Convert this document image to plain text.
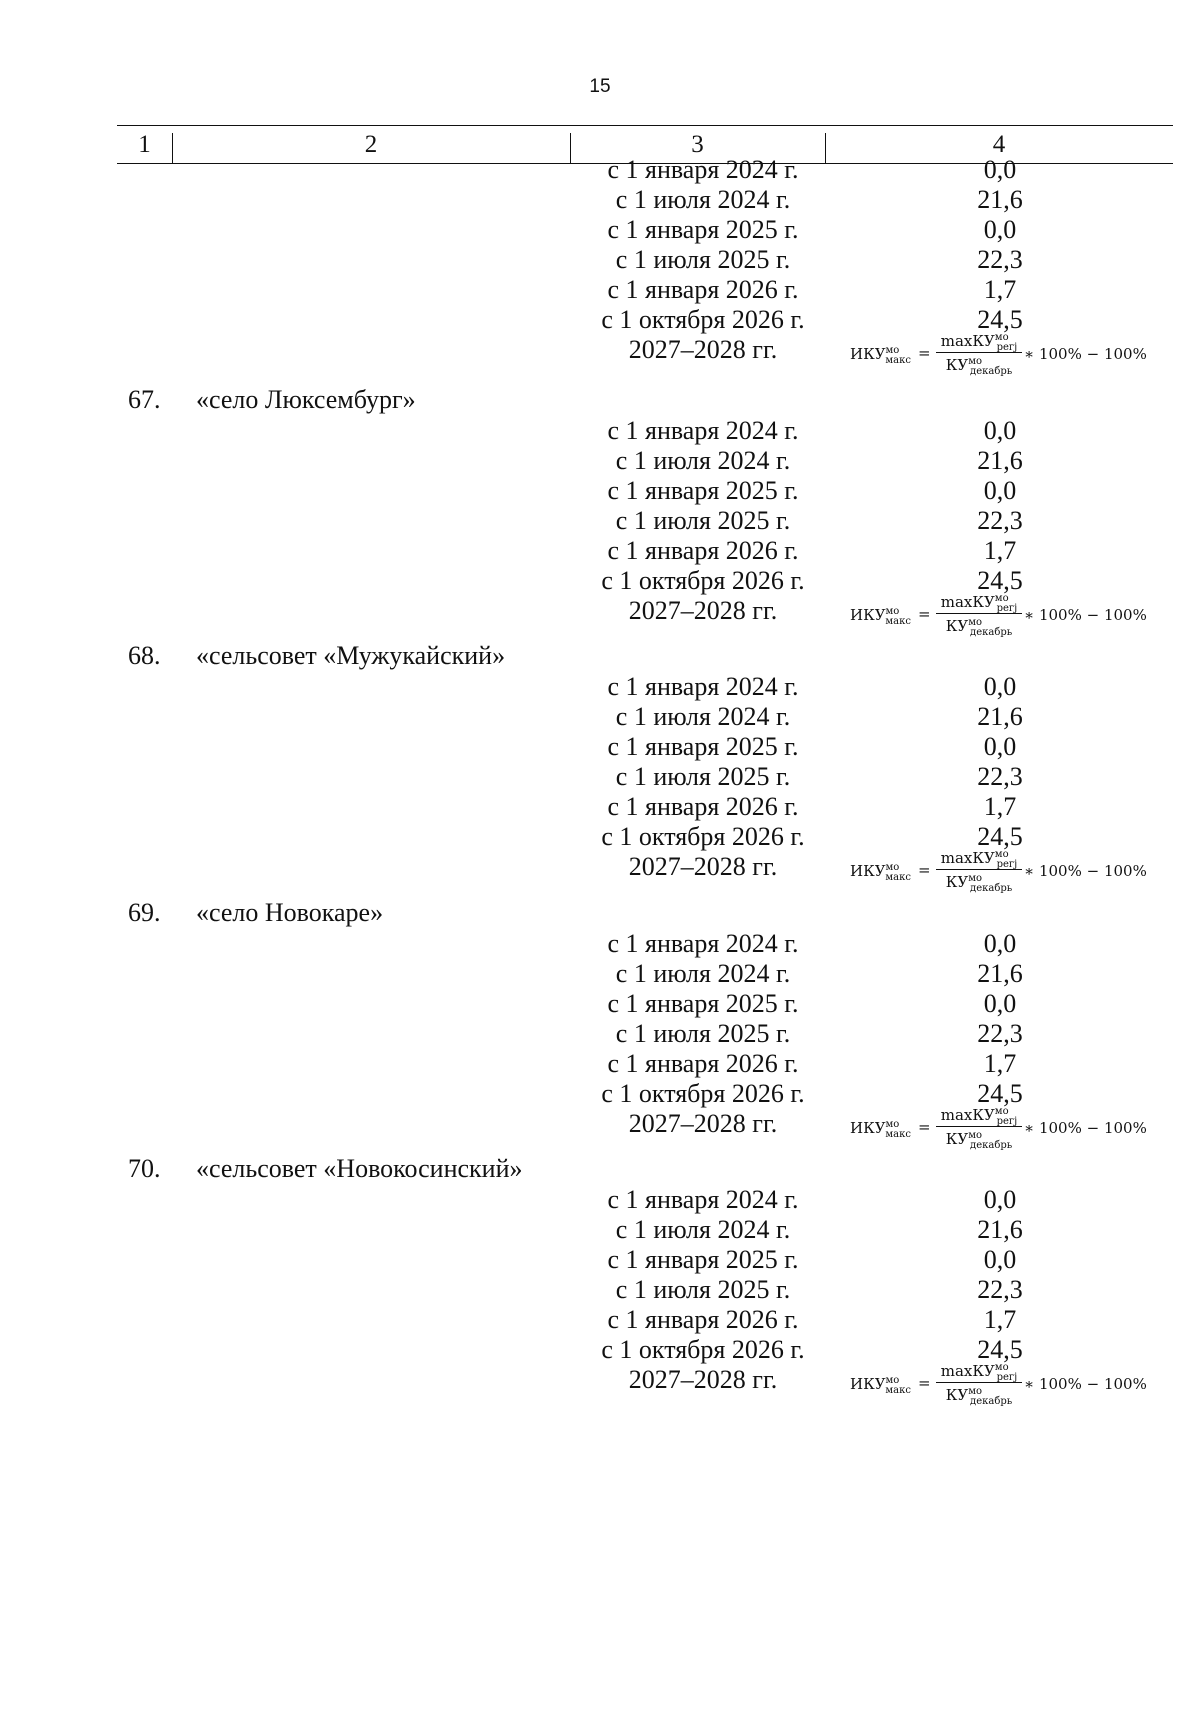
15
1	2	3	4
с 1 января 2024 г.	0,0
с 1 июля 2024 г.	21,6
с 1 января 2025 г.	0,0
с 1 июля 2025 г.	22,3
с 1 января 2026 г.	1,7
с 1 октября 2026 г.	24,5
2027–2028 гг.	$ИКУ^{мо}_{макс}$ =
maxКУ$^{мо}_{регj}$
$КУ^{мо}_{декабрь}$
∗ 100% − 100%
67. «село Люксембург»
с 1 января 2024 г.	0,0
с 1 июля 2024 г.	21,6
с 1 января 2025 г.	0,0
с 1 июля 2025 г.	22,3
с 1 января 2026 г.	1,7
с 1 октября 2026 г.	24,5
2027–2028 гг.	$ИКУ^{мо}_{макс}$ =
maxКУ$^{мо}_{регj}$
$КУ^{мо}_{декабрь}$
∗ 100% − 100%
68. «сельсовет «Мужукайский»
с 1 января 2024 г.	0,0
с 1 июля 2024 г.	21,6
с 1 января 2025 г.	0,0
с 1 июля 2025 г.	22,3
с 1 января 2026 г.	1,7
с 1 октября 2026 г.	24,5
2027–2028 гг.	$ИКУ^{мо}_{макс}$ =
maxКУ$^{мо}_{регj}$
$КУ^{мо}_{декабрь}$
∗ 100% − 100%
69. «село Новокаре»
с 1 января 2024 г.	0,0
с 1 июля 2024 г.	21,6
с 1 января 2025 г.	0,0
с 1 июля 2025 г.	22,3
с 1 января 2026 г.	1,7
с 1 октября 2026 г.	24,5
2027–2028 гг.	$ИКУ^{мо}_{макс}$ =
maxКУ$^{мо}_{регj}$
$КУ^{мо}_{декабрь}$
∗ 100% − 100%
70. «сельсовет «Новокосинский»
с 1 января 2024 г.	0,0
с 1 июля 2024 г.	21,6
с 1 января 2025 г.	0,0
с 1 июля 2025 г.	22,3
с 1 января 2026 г.	1,7
с 1 октября 2026 г.	24,5
2027–2028 гг.	$ИКУ^{мо}_{макс}$ =
maxКУ$^{мо}_{регj}$
$КУ^{мо}_{декабрь}$
∗ 100% − 100%
